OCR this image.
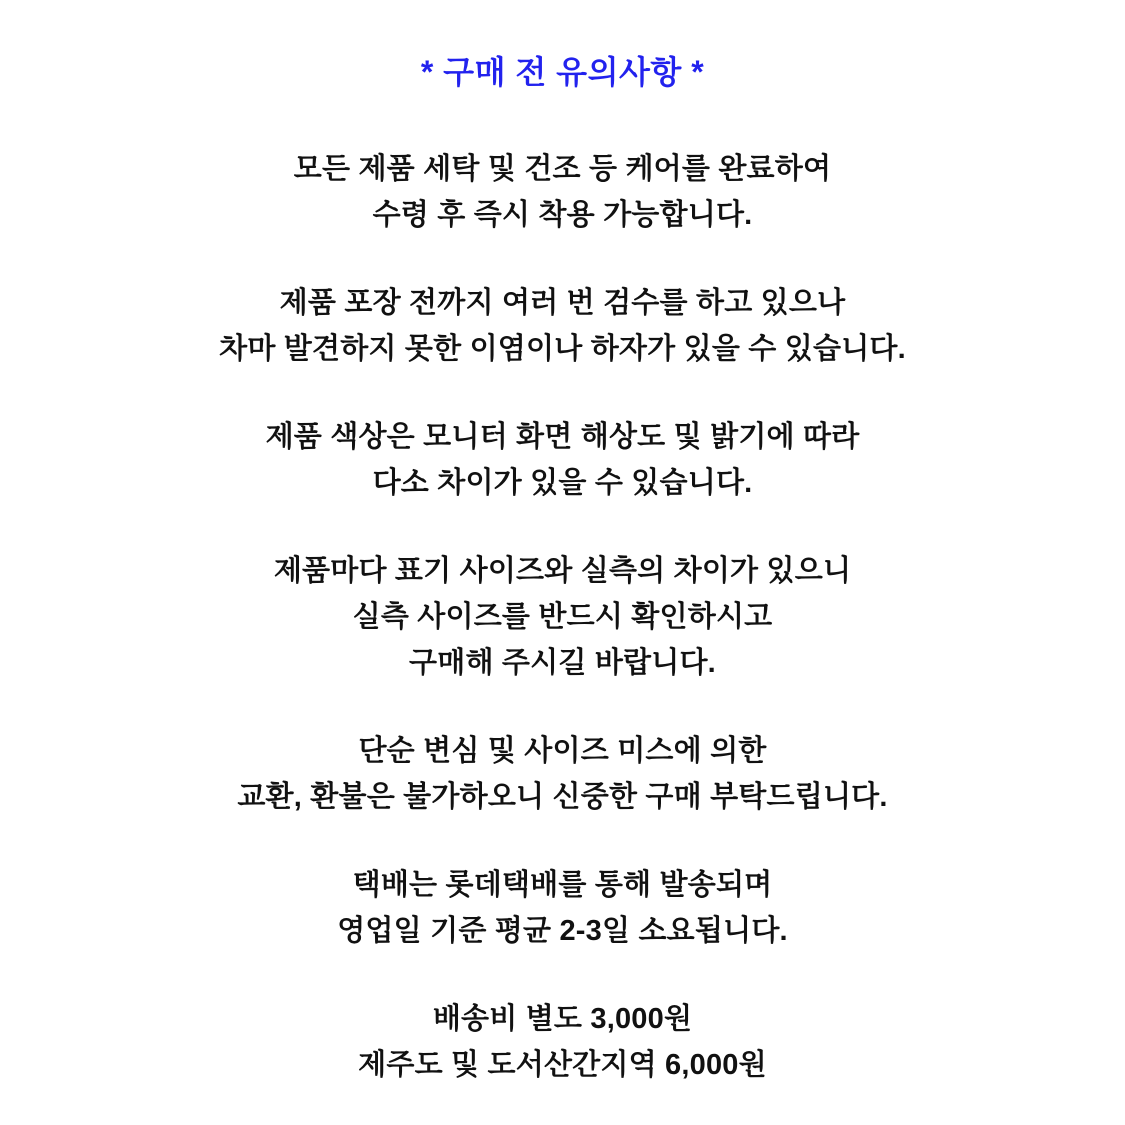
* 구매 전 유의사항 *
모든 제품 세탁 및 건조 등 케어를 완료하여
수령 후 즉시 착용 가능합니다.
제품 포장 전까지 여러 번 검수를 하고 있으나
차마 발견하지 못한 이염이나 하자가 있을 수 있습니다.
제품 색상은 모니터 화면 해상도 및 밝기에 따라
다소 차이가 있을 수 있습니다.
제품마다 표기 사이즈와 실측의 차이가 있으니
실측 사이즈를 반드시 확인하시고
구매해 주시길 바랍니다.
단순 변심 및 사이즈 미스에 의한
교환, 환불은 불가하오니 신중한 구매 부탁드립니다.
택배는 롯데택배를 통해 발송되며
영업일 기준 평균 2-3일 소요됩니다.
배송비 별도 3,000원
제주도 및 도서산간지역 6,000원
